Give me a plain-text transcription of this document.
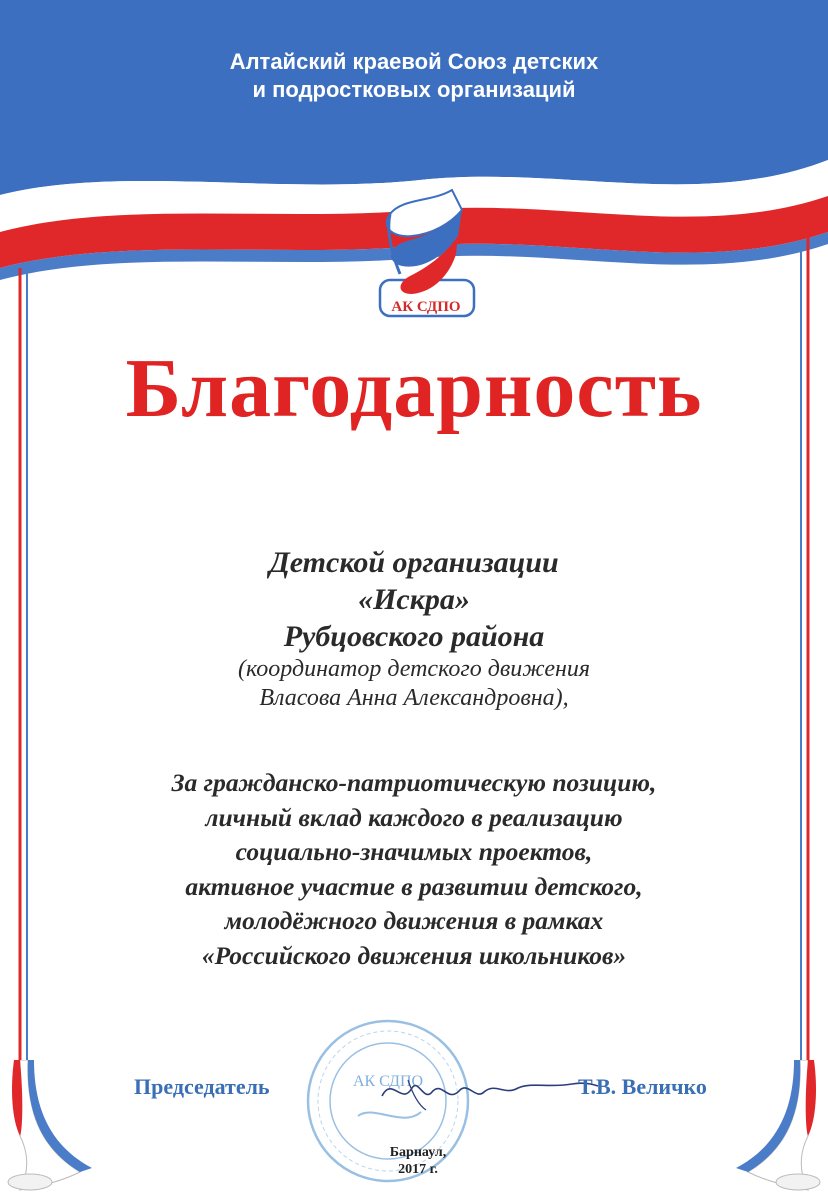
Алтайский краевой Союз детских
и подростковых организаций
АК СДПО
Благодарность
Детской организации
«Искра»
Рубцовского района
(координатор детского движения
Власова Анна Александровна),
За гражданско-патриотическую позицию,
личный вклад каждого в реализацию
социально-значимых проектов,
активное участие в развитии детского,
молодёжного движения в рамках
«Российского движения школьников»
АК СДПО
Председатель	Т.В. Величко
Барнаул,
2017 г.
